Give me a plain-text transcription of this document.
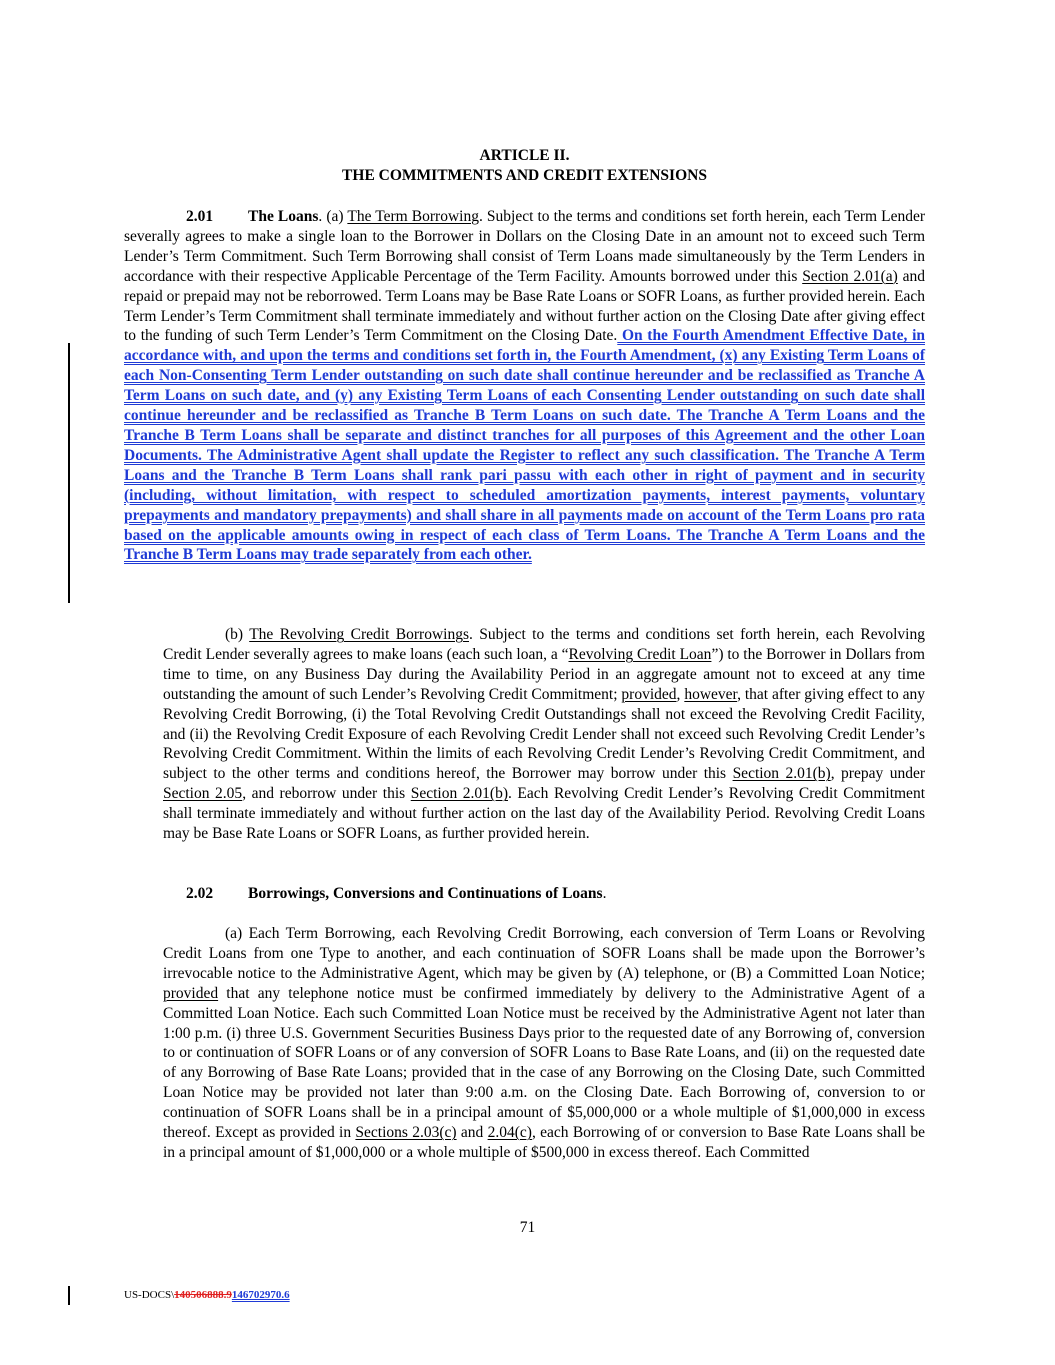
ARTICLE II.
THE COMMITMENTS AND CREDIT EXTENSIONS
2.01 The Loans. (a) The Term Borrowing. Subject to the terms and conditions set forth herein, each Term Lender severally agrees to make a single loan to the Borrower in Dollars on the Closing Date in an amount not to exceed such Term Lender’s Term Commitment. Such Term Borrowing shall consist of Term Loans made simultaneously by the Term Lenders in accordance with their respective Applicable Percentage of the Term Facility. Amounts borrowed under this Section 2.01(a) and repaid or prepaid may not be reborrowed. Term Loans may be Base Rate Loans or SOFR Loans, as further provided herein. Each Term Lender’s Term Commitment shall terminate immediately and without further action on the Closing Date after giving effect to the funding of such Term Lender’s Term Commitment on the Closing Date. On the Fourth Amendment Effective Date, in accordance with, and upon the terms and conditions set forth in, the Fourth Amendment, (x) any Existing Term Loans of each Non-Consenting Term Lender outstanding on such date shall continue hereunder and be reclassified as Tranche A Term Loans on such date, and (y) any Existing Term Loans of each Consenting Lender outstanding on such date shall continue hereunder and be reclassified as Tranche B Term Loans on such date. The Tranche A Term Loans and the Tranche B Term Loans shall be separate and distinct tranches for all purposes of this Agreement and the other Loan Documents. The Administrative Agent shall update the Register to reflect any such classification. The Tranche A Term Loans and the Tranche B Term Loans shall rank pari passu with each other in right of payment and in security (including, without limitation, with respect to scheduled amortization payments, interest payments, voluntary prepayments and mandatory prepayments) and shall share in all payments made on account of the Term Loans pro rata based on the applicable amounts owing in respect of each class of Term Loans. The Tranche A Term Loans and the Tranche B Term Loans may trade separately from each other.
(b) The Revolving Credit Borrowings. Subject to the terms and conditions set forth herein, each Revolving Credit Lender severally agrees to make loans (each such loan, a “Revolving Credit Loan”) to the Borrower in Dollars from time to time, on any Business Day during the Availability Period in an aggregate amount not to exceed at any time outstanding the amount of such Lender’s Revolving Credit Commitment; provided, however, that after giving effect to any Revolving Credit Borrowing, (i) the Total Revolving Credit Outstandings shall not exceed the Revolving Credit Facility, and (ii) the Revolving Credit Exposure of each Revolving Credit Lender shall not exceed such Revolving Credit Lender’s Revolving Credit Commitment. Within the limits of each Revolving Credit Lender’s Revolving Credit Commitment, and subject to the other terms and conditions hereof, the Borrower may borrow under this Section 2.01(b), prepay under Section 2.05, and reborrow under this Section 2.01(b). Each Revolving Credit Lender’s Revolving Credit Commitment shall terminate immediately and without further action on the last day of the Availability Period. Revolving Credit Loans may be Base Rate Loans or SOFR Loans, as further provided herein.
2.02 Borrowings, Conversions and Continuations of Loans.
(a) Each Term Borrowing, each Revolving Credit Borrowing, each conversion of Term Loans or Revolving Credit Loans from one Type to another, and each continuation of SOFR Loans shall be made upon the Borrower’s irrevocable notice to the Administrative Agent, which may be given by (A) telephone, or (B) a Committed Loan Notice; provided that any telephone notice must be confirmed immediately by delivery to the Administrative Agent of a Committed Loan Notice. Each such Committed Loan Notice must be received by the Administrative Agent not later than 1:00 p.m. (i) three U.S. Government Securities Business Days prior to the requested date of any Borrowing of, conversion to or continuation of SOFR Loans or of any conversion of SOFR Loans to Base Rate Loans, and (ii) on the requested date of any Borrowing of Base Rate Loans; provided that in the case of any Borrowing on the Closing Date, such Committed Loan Notice may be provided not later than 9:00 a.m. on the Closing Date. Each Borrowing of, conversion to or continuation of SOFR Loans shall be in a principal amount of $5,000,000 or a whole multiple of $1,000,000 in excess thereof. Except as provided in Sections 2.03(c) and 2.04(c), each Borrowing of or conversion to Base Rate Loans shall be in a principal amount of $1,000,000 or a whole multiple of $500,000 in excess thereof. Each Committed
71
US-DOCS\140506888.9146702970.6
